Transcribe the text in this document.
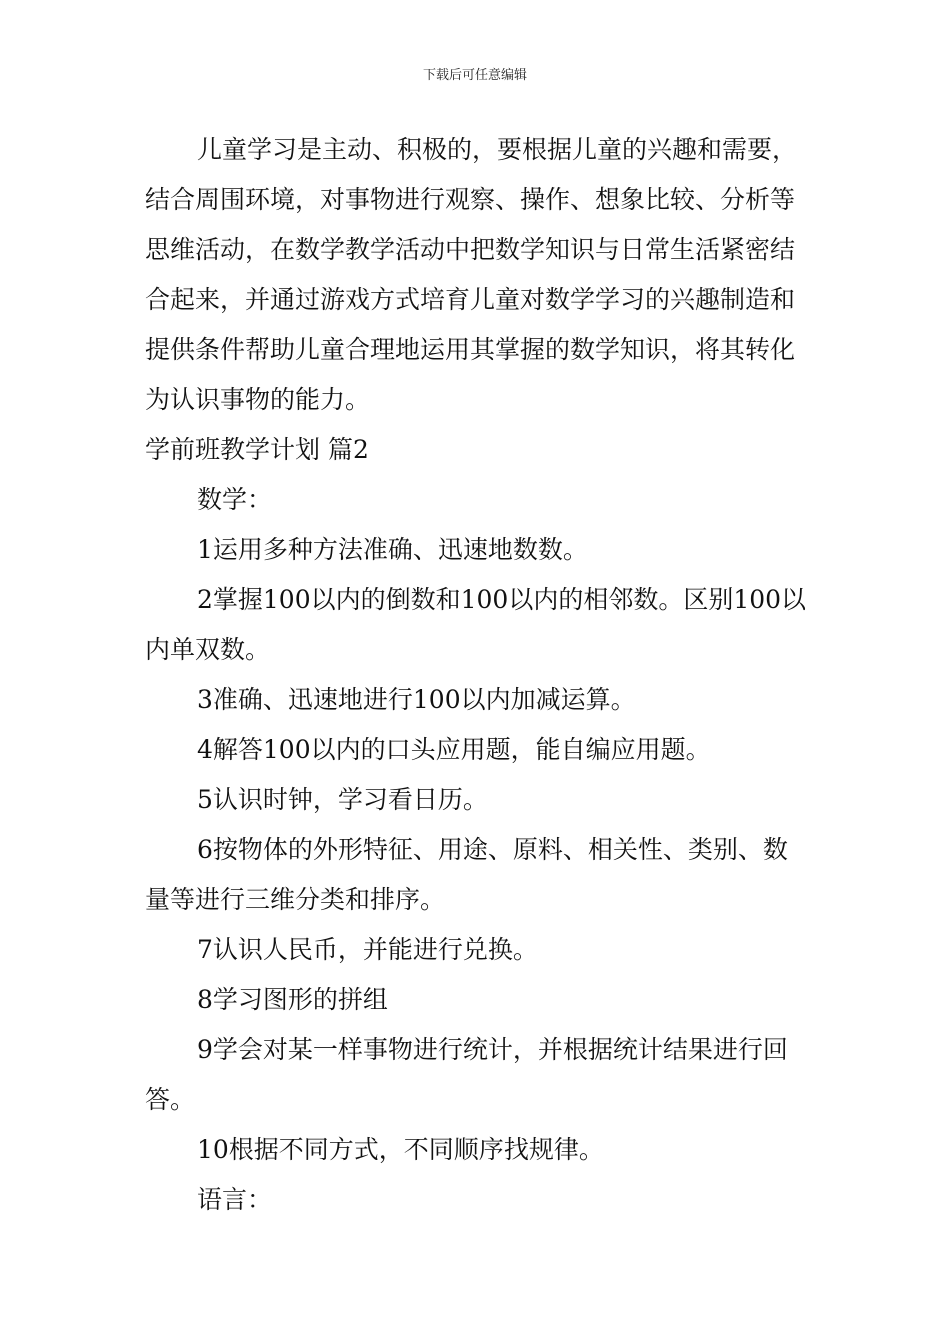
下载后可任意编辑

儿童学习是主动、积极的，要根据儿童的兴趣和需要，结合周围环境，对事物进行观察、操作、想象比较、分析等思维活动，在数学教学活动中把数学知识与日常生活紧密结合起来，并通过游戏方式培育儿童对数学学习的兴趣制造和提供条件帮助儿童合理地运用其掌握的数学知识，将其转化为认识事物的能力。

学前班教学计划 篇2

数学：

1运用多种方法准确、迅速地数数。

2掌握100以内的倒数和100以内的相邻数。区别100以内单双数。

3准确、迅速地进行100以内加减运算。

4解答100以内的口头应用题，能自编应用题。

5认识时钟，学习看日历。

6按物体的外形特征、用途、原料、相关性、类别、数量等进行三维分类和排序。

7认识人民币，并能进行兑换。

8学习图形的拼组

9学会对某一样事物进行统计，并根据统计结果进行回答。

10根据不同方式，不同顺序找规律。

语言：
